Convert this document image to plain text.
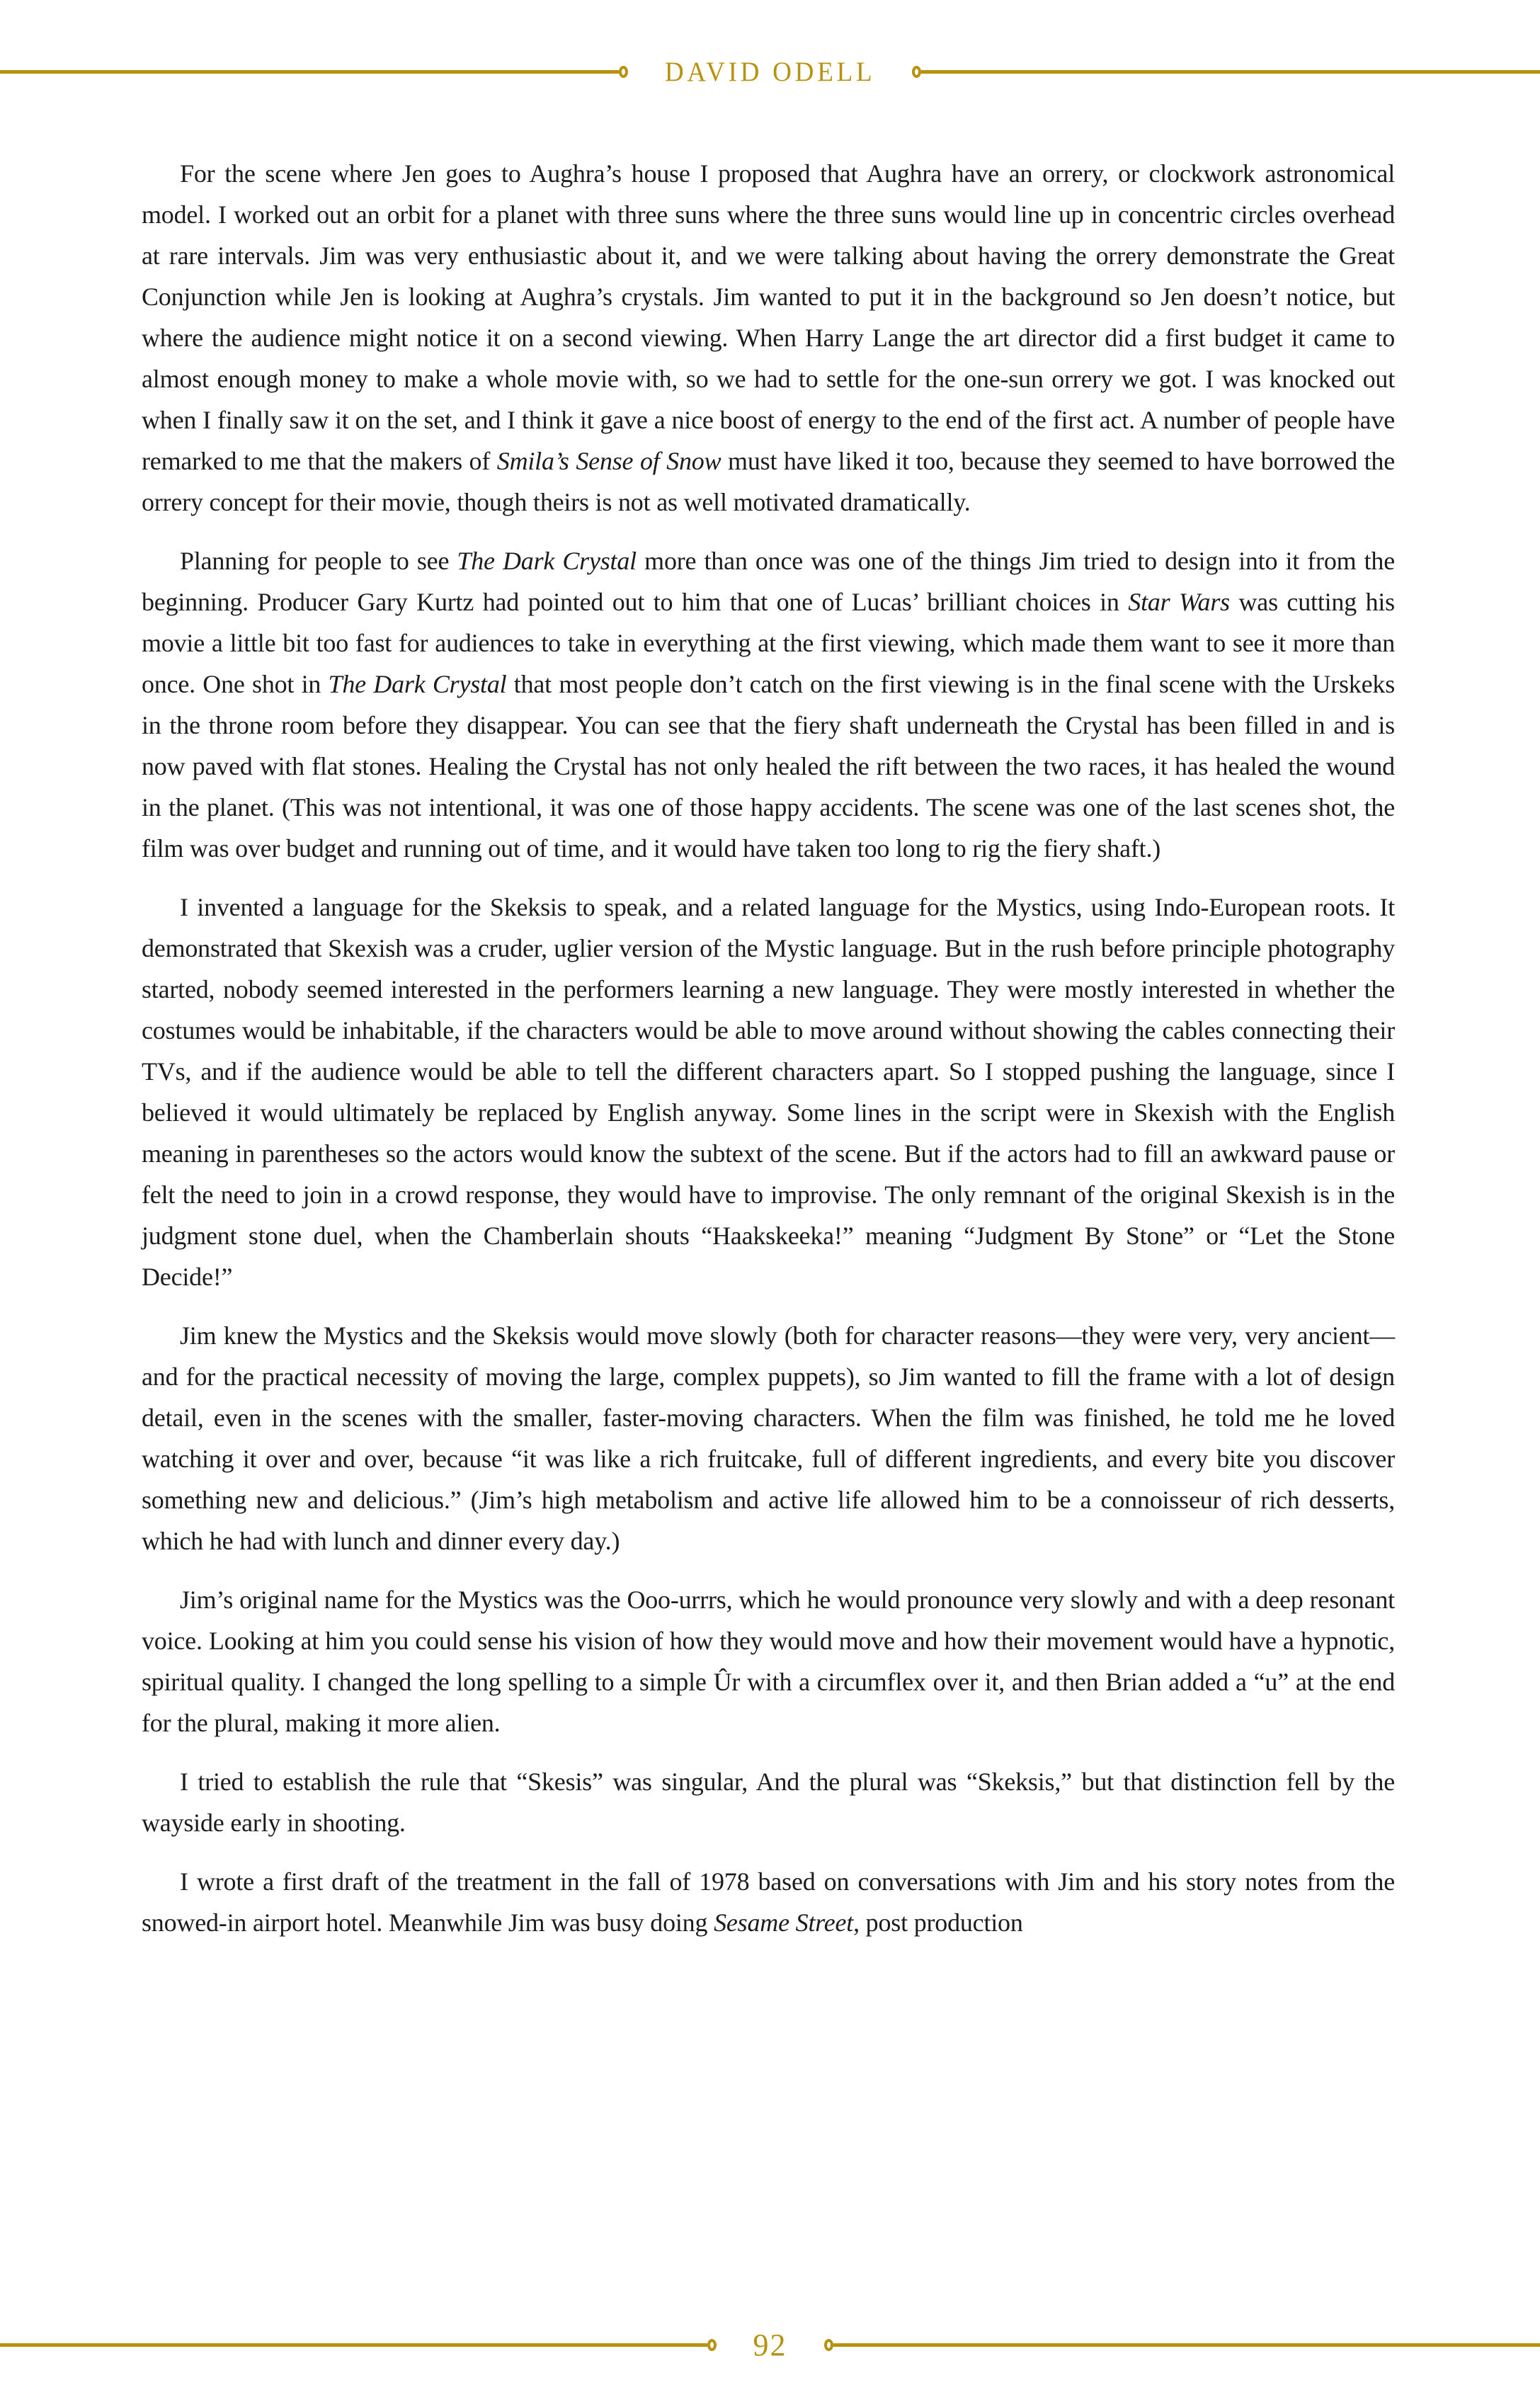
DAVID ODELL

For the scene where Jen goes to Aughra’s house I proposed that Aughra have an orrery, or clockwork astronomical model. I worked out an orbit for a planet with three suns where the three suns would line up in concentric circles overhead at rare intervals. Jim was very enthusiastic about it, and we were talking about having the orrery demonstrate the Great Conjunction while Jen is looking at Aughra’s crystals. Jim wanted to put it in the background so Jen doesn’t notice, but where the audience might notice it on a second viewing. When Harry Lange the art director did a first budget it came to almost enough money to make a whole movie with, so we had to settle for the one-sun orrery we got. I was knocked out when I finally saw it on the set, and I think it gave a nice boost of energy to the end of the first act. A number of people have remarked to me that the makers of Smila’s Sense of Snow must have liked it too, because they seemed to have borrowed the orrery concept for their movie, though theirs is not as well motivated dramatically.

Planning for people to see The Dark Crystal more than once was one of the things Jim tried to design into it from the beginning. Producer Gary Kurtz had pointed out to him that one of Lucas’ brilliant choices in Star Wars was cutting his movie a little bit too fast for audiences to take in everything at the first viewing, which made them want to see it more than once. One shot in The Dark Crystal that most people don’t catch on the first viewing is in the final scene with the Urskeks in the throne room before they disappear. You can see that the fiery shaft underneath the Crystal has been filled in and is now paved with flat stones. Healing the Crystal has not only healed the rift between the two races, it has healed the wound in the planet. (This was not intentional, it was one of those happy accidents. The scene was one of the last scenes shot, the film was over budget and running out of time, and it would have taken too long to rig the fiery shaft.)

I invented a language for the Skeksis to speak, and a related language for the Mystics, using Indo-European roots. It demonstrated that Skexish was a cruder, uglier version of the Mystic language. But in the rush before principle photography started, nobody seemed interested in the performers learning a new language. They were mostly interested in whether the costumes would be inhabitable, if the characters would be able to move around without showing the cables connecting their TVs, and if the audience would be able to tell the different characters apart. So I stopped pushing the language, since I believed it would ultimately be replaced by English anyway. Some lines in the script were in Skexish with the English meaning in parentheses so the actors would know the subtext of the scene. But if the actors had to fill an awkward pause or felt the need to join in a crowd response, they would have to improvise. The only remnant of the original Skexish is in the judgment stone duel, when the Chamberlain shouts “Haakskeeka!” meaning “Judgment By Stone” or “Let the Stone Decide!”

Jim knew the Mystics and the Skeksis would move slowly (both for character reasons—they were very, very ancient—and for the practical necessity of moving the large, complex puppets), so Jim wanted to fill the frame with a lot of design detail, even in the scenes with the smaller, faster-moving characters. When the film was finished, he told me he loved watching it over and over, because “it was like a rich fruitcake, full of different ingredients, and every bite you discover something new and delicious.” (Jim’s high metabolism and active life allowed him to be a connoisseur of rich desserts, which he had with lunch and dinner every day.)

Jim’s original name for the Mystics was the Ooo-urrrs, which he would pronounce very slowly and with a deep resonant voice. Looking at him you could sense his vision of how they would move and how their movement would have a hypnotic, spiritual quality. I changed the long spelling to a simple Ûr with a circumflex over it, and then Brian added a “u” at the end for the plural, making it more alien.

I tried to establish the rule that “Skesis” was singular, And the plural was “Skeksis,” but that distinction fell by the wayside early in shooting.

I wrote a first draft of the treatment in the fall of 1978 based on conversations with Jim and his story notes from the snowed-in airport hotel. Meanwhile Jim was busy doing Sesame Street, post production

92
